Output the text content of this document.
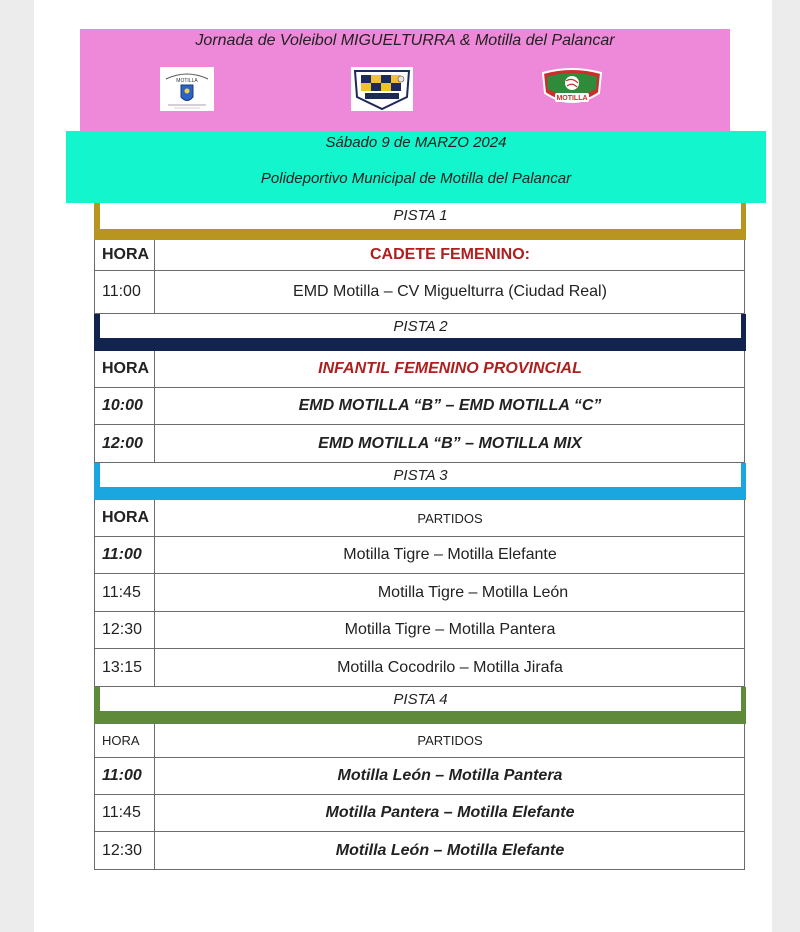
Jornada de Voleibol MIGUELTURRA & Motilla del Palancar
MOTILLA
MOTILLA
Sábado 9 de MARZO 2024
Polideportivo Municipal de Motilla del Palancar
PISTA 1
HORA	CADETE FEMENINO:
11:00	EMD Motilla – CV Miguelturra (Ciudad Real)
PISTA 2
HORA	INFANTIL FEMENINO PROVINCIAL
10:00	EMD MOTILLA “B” – EMD MOTILLA “C”
12:00	EMD MOTILLA “B” – MOTILLA MIX
PISTA 3
HORA	PARTIDOS
11:00	Motilla Tigre – Motilla Elefante
11:45	Motilla Tigre – Motilla León
12:30	Motilla Tigre – Motilla Pantera
13:15	Motilla Cocodrilo – Motilla Jirafa
PISTA 4
HORA	PARTIDOS
11:00	Motilla León – Motilla Pantera
11:45	Motilla Pantera – Motilla Elefante
12:30	Motilla León – Motilla Elefante
